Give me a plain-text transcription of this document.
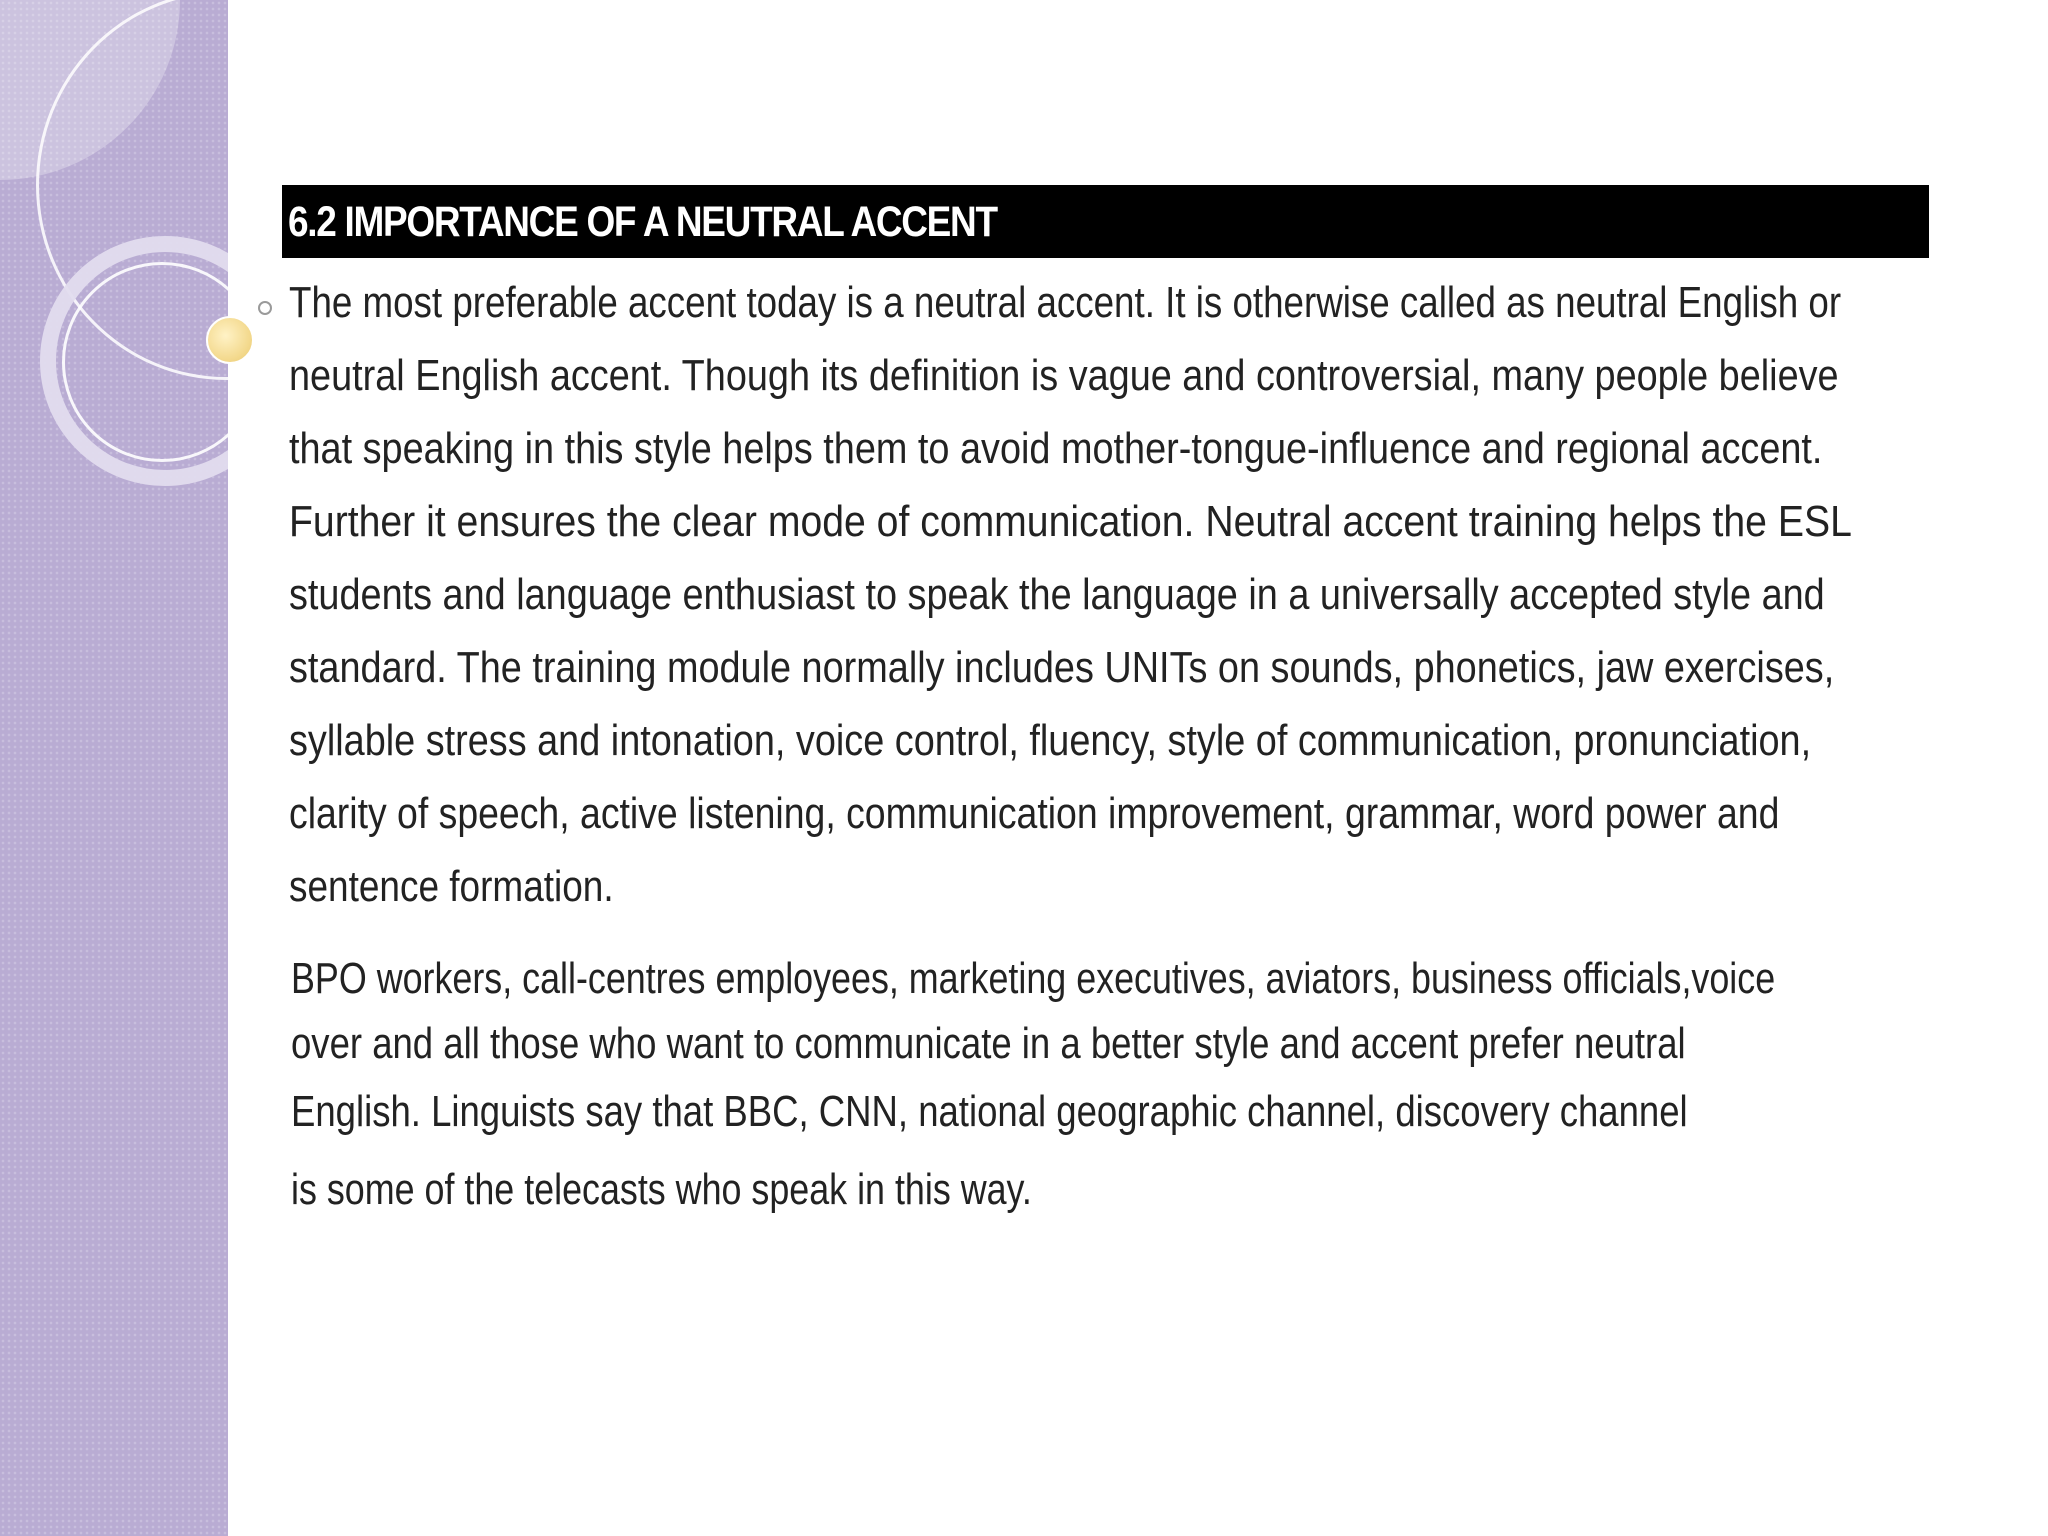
6.2 IMPORTANCE OF A NEUTRAL ACCENT
The most preferable accent today is a neutral accent. It is otherwise called as neutral English or
neutral English accent. Though its definition is vague and controversial, many people believe
that speaking in this style helps them to avoid mother-tongue-influence and regional accent.
Further it ensures the clear mode of communication. Neutral accent training helps the ESL
students and language enthusiast to speak the language in a universally accepted style and
standard. The training module normally includes UNITs on sounds, phonetics, jaw exercises,
syllable stress and intonation, voice control, fluency, style of communication, pronunciation,
clarity of speech, active listening, communication improvement, grammar, word power and
sentence formation.
BPO workers, call-centres employees, marketing executives, aviators, business officials,voice
over and all those who want to communicate in a better style and accent prefer neutral
English. Linguists say that BBC, CNN, national geographic channel, discovery channel
is some of the telecasts who speak in this way.
